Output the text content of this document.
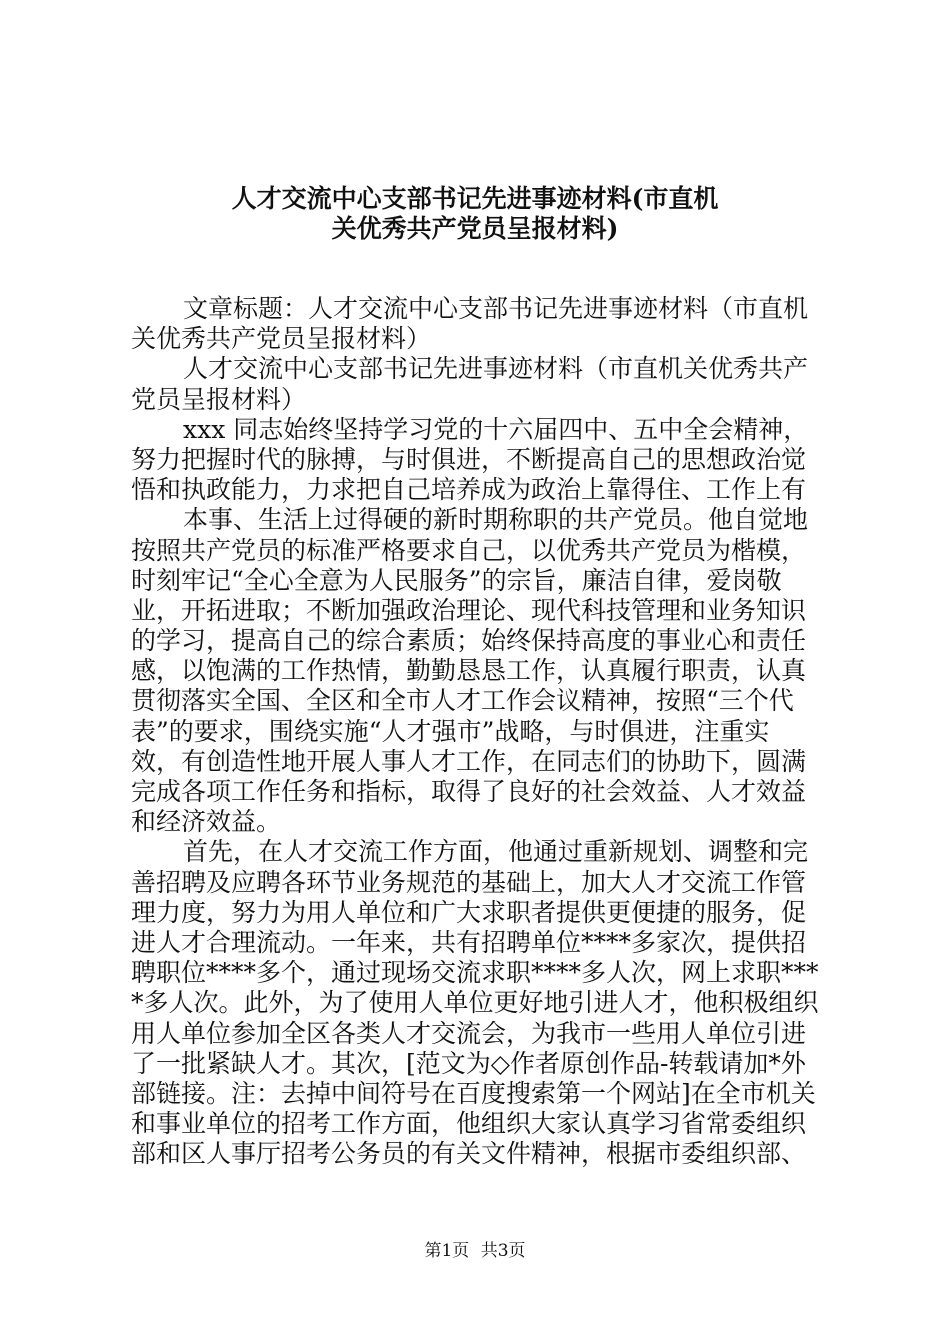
人才交流中心支部书记先进事迹材料(市直机
关优秀共产党员呈报材料)
文章标题：人才交流中心支部书记先进事迹材料（市直机
关优秀共产党员呈报材料）
人才交流中心支部书记先进事迹材料（市直机关优秀共产
党员呈报材料）
xxx 同志始终坚持学习党的十六届四中、五中全会精神，
努力把握时代的脉搏，与时俱进，不断提高自己的思想政治觉
悟和执政能力，力求把自己培养成为政治上靠得住、工作上有
本事、生活上过得硬的新时期称职的共产党员。他自觉地
按照共产党员的标准严格要求自己，以优秀共产党员为楷模，
时刻牢记“全心全意为人民服务”的宗旨，廉洁自律，爱岗敬
业，开拓进取；不断加强政治理论、现代科技管理和业务知识
的学习，提高自己的综合素质；始终保持高度的事业心和责任
感，以饱满的工作热情，勤勤恳恳工作，认真履行职责，认真
贯彻落实全国、全区和全市人才工作会议精神，按照“三个代
表”的要求，围绕实施“人才强市”战略，与时俱进，注重实
效，有创造性地开展人事人才工作，在同志们的协助下，圆满
完成各项工作任务和指标，取得了良好的社会效益、人才效益
和经济效益。
首先，在人才交流工作方面，他通过重新规划、调整和完
善招聘及应聘各环节业务规范的基础上，加大人才交流工作管
理力度，努力为用人单位和广大求职者提供更便捷的服务，促
进人才合理流动。一年来，共有招聘单位****多家次，提供招
聘职位****多个，通过现场交流求职****多人次，网上求职***
*多人次。此外，为了使用人单位更好地引进人才，他积极组织
用人单位参加全区各类人才交流会，为我市一些用人单位引进
了一批紧缺人才。其次，[范文为◇作者原创作品-转载请加*外
部链接。注：去掉中间符号在百度搜索第一个网站]在全市机关
和事业单位的招考工作方面，他组织大家认真学习省常委组织
部和区人事厅招考公务员的有关文件精神，根据市委组织部、
第1页 共3页
